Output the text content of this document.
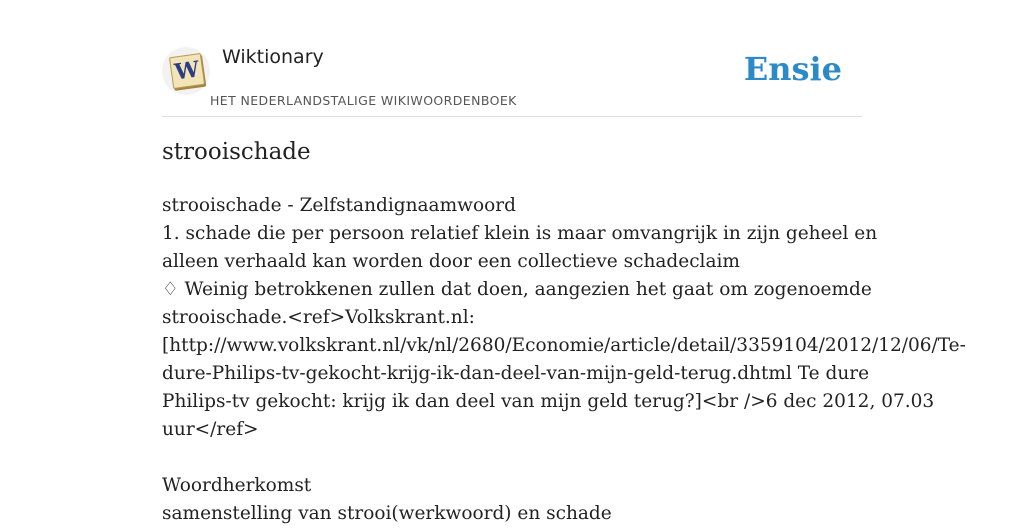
W Wiktionary
HET NEDERLANDSTALIGE WIKIWOORDENBOEK
Ensie
strooischade
strooischade - Zelfstandignaamwoord
1. schade die per persoon relatief klein is maar omvangrijk in zijn geheel en
alleen verhaald kan worden door een collectieve schadeclaim
♢ Weinig betrokkenen zullen dat doen, aangezien het gaat om zogenoemde
strooischade.<ref>Volkskrant.nl:
[http://www.volkskrant.nl/vk/nl/2680/Economie/article/detail/3359104/2012/12/06/Te-
dure-Philips-tv-gekocht-krijg-ik-dan-deel-van-mijn-geld-terug.dhtml Te dure
Philips-tv gekocht: krijg ik dan deel van mijn geld terug?]<br />6 dec 2012, 07.03
uur</ref>
Woordherkomst
samenstelling van strooi(werkwoord) en schade
